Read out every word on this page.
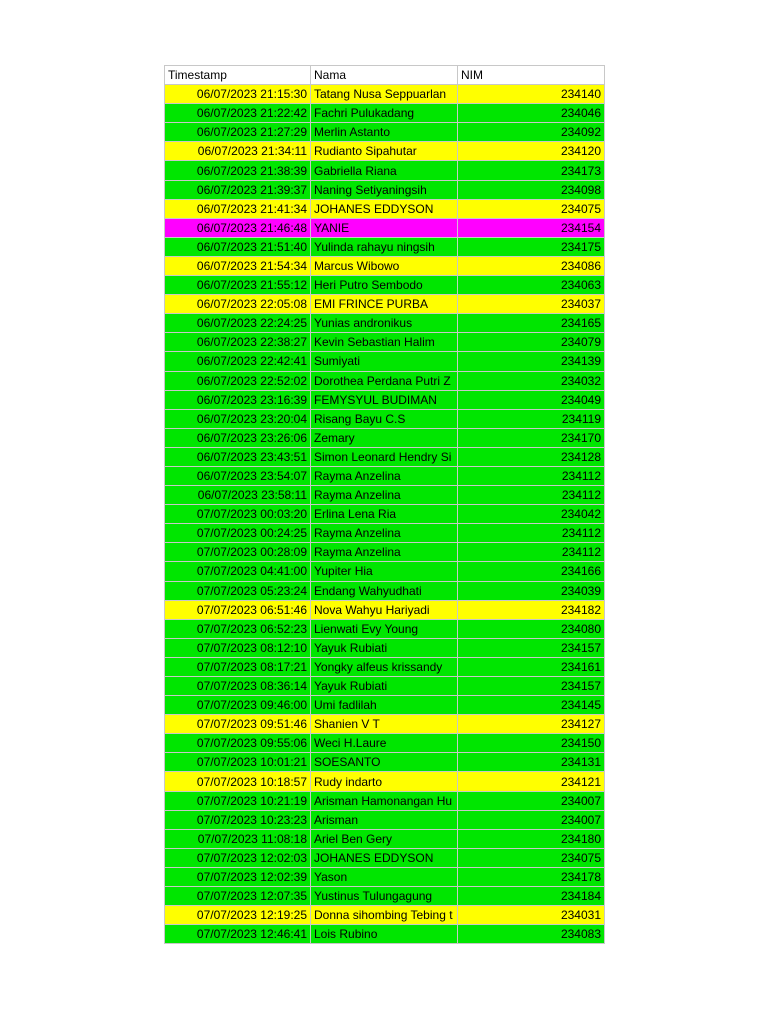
Timestamp	Nama	NIM
06/07/2023 21:15:30	Tatang Nusa Seppuarlan	234140
06/07/2023 21:22:42	Fachri Pulukadang	234046
06/07/2023 21:27:29	Merlin Astanto	234092
06/07/2023 21:34:11	Rudianto Sipahutar	234120
06/07/2023 21:38:39	Gabriella Riana	234173
06/07/2023 21:39:37	Naning Setiyaningsih	234098
06/07/2023 21:41:34	JOHANES EDDYSON	234075
06/07/2023 21:46:48	YANIE	234154
06/07/2023 21:51:40	Yulinda rahayu ningsih	234175
06/07/2023 21:54:34	Marcus Wibowo	234086
06/07/2023 21:55:12	Heri Putro Sembodo	234063
06/07/2023 22:05:08	EMI FRINCE PURBA	234037
06/07/2023 22:24:25	Yunias andronikus	234165
06/07/2023 22:38:27	Kevin Sebastian Halim	234079
06/07/2023 22:42:41	Sumiyati	234139
06/07/2023 22:52:02	Dorothea Perdana Putri Z	234032
06/07/2023 23:16:39	FEMYSYUL BUDIMAN	234049
06/07/2023 23:20:04	Risang Bayu C.S	234119
06/07/2023 23:26:06	Zemary	234170
06/07/2023 23:43:51	Simon Leonard Hendry Si	234128
06/07/2023 23:54:07	Rayma Anzelina	234112
06/07/2023 23:58:11	Rayma Anzelina	234112
07/07/2023 00:03:20	Erlina Lena Ria	234042
07/07/2023 00:24:25	Rayma Anzelina	234112
07/07/2023 00:28:09	Rayma Anzelina	234112
07/07/2023 04:41:00	Yupiter Hia	234166
07/07/2023 05:23:24	Endang Wahyudhati	234039
07/07/2023 06:51:46	Nova Wahyu Hariyadi	234182
07/07/2023 06:52:23	Lienwati Evy Young	234080
07/07/2023 08:12:10	Yayuk Rubiati	234157
07/07/2023 08:17:21	Yongky alfeus krissandy	234161
07/07/2023 08:36:14	Yayuk Rubiati	234157
07/07/2023 09:46:00	Umi fadlilah	234145
07/07/2023 09:51:46	Shanien V T	234127
07/07/2023 09:55:06	Weci H.Laure	234150
07/07/2023 10:01:21	SOESANTO	234131
07/07/2023 10:18:57	Rudy indarto	234121
07/07/2023 10:21:19	Arisman Hamonangan Hu	234007
07/07/2023 10:23:23	Arisman	234007
07/07/2023 11:08:18	Ariel Ben Gery	234180
07/07/2023 12:02:03	JOHANES EDDYSON	234075
07/07/2023 12:02:39	Yason	234178
07/07/2023 12:07:35	Yustinus Tulungagung	234184
07/07/2023 12:19:25	Donna sihombing Tebing t	234031
07/07/2023 12:46:41	Lois Rubino	234083
